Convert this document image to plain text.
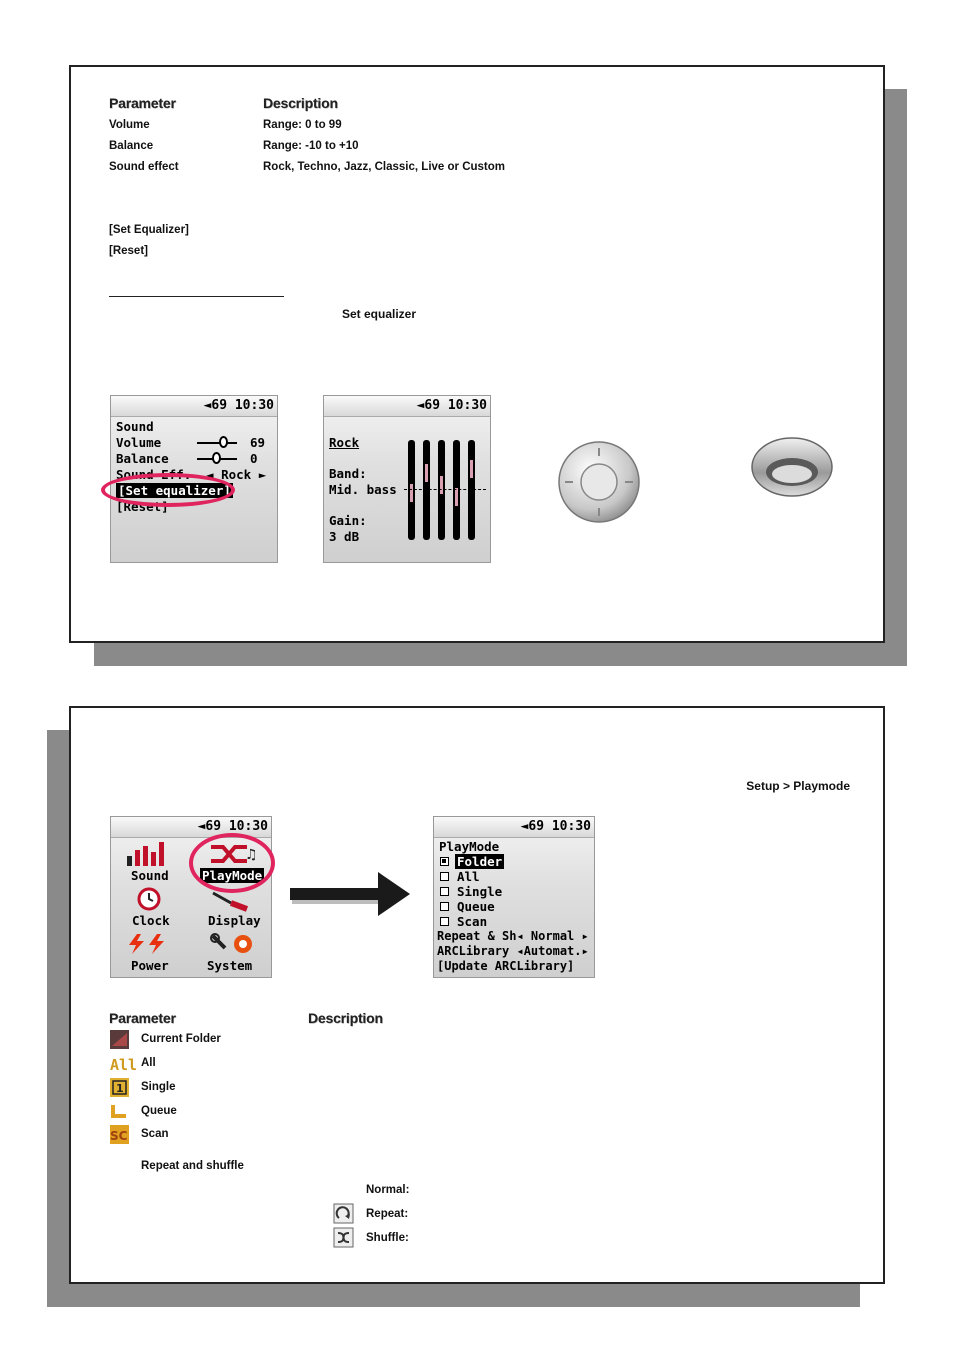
Parameter	Description
Volume	Range: 0 to 99
Balance	Range: -10 to +10
Sound effect	Rock, Techno, Jazz, Classic, Live or Custom
[Set Equalizer]
[Reset]
Set equalizer
◄69 10:30
Sound
Volume	69
Balance	0
Sound Eff. ◄ Rock ►
[Set equalizer]
[Reset]
◄69 10:30
Rock
Band:
Mid. bass
Gain:
3 dB
Setup > Playmode
◄69 10:30
Sound
♫
PlayMode
Clock	Display
Power	System
◄69 10:30
PlayMode
Folder
All
Single
Queue
Scan
Repeat & Sh◂ Normal ▸
ARCLibrary ◂Automat.▸
[Update ARCLibrary]
Parameter	Description
Current Folder
All All
1 Single
Queue
SC Scan
Repeat and shuffle
Normal:
Repeat:
Shuffle:
